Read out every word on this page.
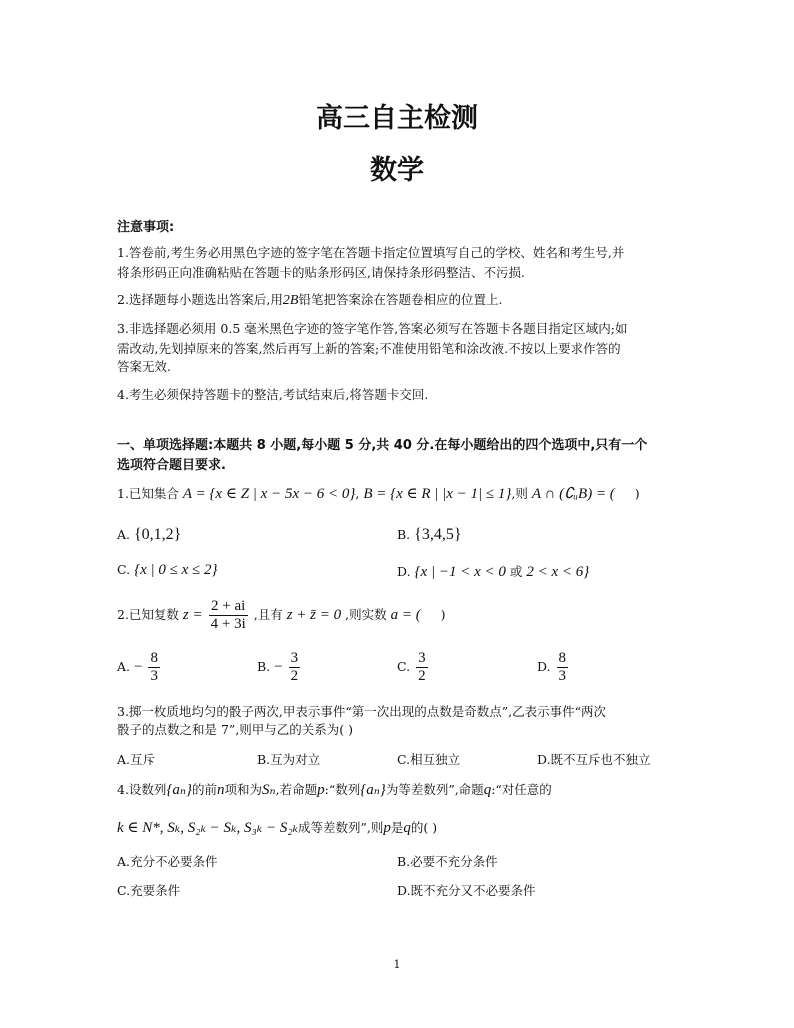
高三自主检测
数学
注意事项:
1.答卷前,考生务必用黑色字迹的签字笔在答题卡指定位置填写自己的学校、姓名和考生号,并
将条形码正向准确粘贴在答题卡的贴条形码区,请保持条形码整洁、不污损.
2.选择题每小题选出答案后,用2B铅笔把答案涂在答题卷相应的位置上.
3.非选择题必须用 0.5 毫米黑色字迹的签字笔作答,答案必须写在答题卡各题目指定区域内;如
需改动,先划掉原来的答案,然后再写上新的答案;不准使用铅笔和涂改液.不按以上要求作答的
答案无效.
4.考生必须保持答题卡的整洁,考试结束后,将答题卡交回.
一、单项选择题:本题共 8 小题,每小题 5 分,共 40 分.在每小题给出的四个选项中,只有一个
选项符合题目要求.
1.已知集合 A = {x ∈ Z | x − 5x − 6 < 0}, B = {x ∈ R | |x − 1| ≤ 1},则 A ∩ (∁ᵤB) = ( )
A. {0,1,2}	B. {3,4,5}
C. {x | 0 ≤ x ≤ 2}	D. {x | −1 < x < 0 或 2 < x < 6}
2.已知复数 $z = \frac{2 + ai}{4 + 3i}$ ,且有 z + z̄ = 0 ,则实数 a = ( )
A. − $\frac{8}{3}$	B. − $\frac{3}{2}$	C. $\frac{3}{2}$	D. $\frac{8}{3}$
3.掷一枚质地均匀的骰子两次,甲表示事件“第一次出现的点数是奇数点”,乙表示事件“两次
骰子的点数之和是 7”,则甲与乙的关系为( )
A.互斥	B.互为对立	C.相互独立	D.既不互斥也不独立
4.设数列{aₙ}的前n项和为Sₙ,若命题p:“数列{aₙ}为等差数列”,命题q:“对任意的
k ∈ N*, Sₖ, S₂ₖ − Sₖ, S₃ₖ − S₂ₖ成等差数列”,则p是q的( )
A.充分不必要条件	B.必要不充分条件
C.充要条件	D.既不充分又不必要条件
1
